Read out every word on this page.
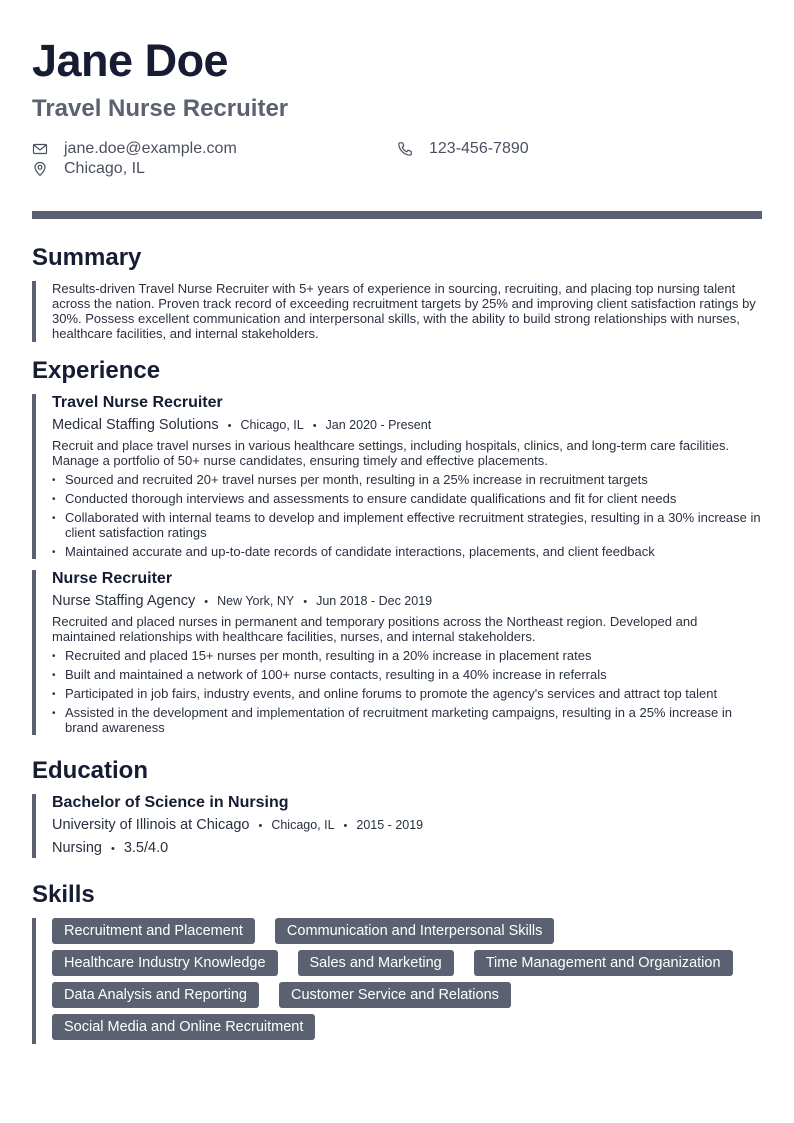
Jane Doe
Travel Nurse Recruiter
jane.doe@example.com	123-456-7890
Chicago, IL
Summary
Results-driven Travel Nurse Recruiter with 5+ years of experience in sourcing, recruiting, and placing top nursing talent across the nation. Proven track record of exceeding recruitment targets by 25% and improving client satisfaction ratings by 30%. Possess excellent communication and interpersonal skills, with the ability to build strong relationships with nurses, healthcare facilities, and internal stakeholders.
Experience
Travel Nurse Recruiter
Medical Staffing Solutions • Chicago, IL • Jan 2020 - Present
Recruit and place travel nurses in various healthcare settings, including hospitals, clinics, and long-term care facilities. Manage a portfolio of 50+ nurse candidates, ensuring timely and effective placements.
• Sourced and recruited 20+ travel nurses per month, resulting in a 25% increase in recruitment targets
• Conducted thorough interviews and assessments to ensure candidate qualifications and fit for client needs
• Collaborated with internal teams to develop and implement effective recruitment strategies, resulting in a 30% increase in client satisfaction ratings
• Maintained accurate and up-to-date records of candidate interactions, placements, and client feedback
Nurse Recruiter
Nurse Staffing Agency • New York, NY • Jun 2018 - Dec 2019
Recruited and placed nurses in permanent and temporary positions across the Northeast region. Developed and maintained relationships with healthcare facilities, nurses, and internal stakeholders.
• Recruited and placed 15+ nurses per month, resulting in a 20% increase in placement rates
• Built and maintained a network of 100+ nurse contacts, resulting in a 40% increase in referrals
• Participated in job fairs, industry events, and online forums to promote the agency's services and attract top talent
• Assisted in the development and implementation of recruitment marketing campaigns, resulting in a 25% increase in brand awareness
Education
Bachelor of Science in Nursing
University of Illinois at Chicago • Chicago, IL • 2015 - 2019
Nursing • 3.5/4.0
Skills
Recruitment and Placement	Communication and Interpersonal Skills
Healthcare Industry Knowledge	Sales and Marketing	Time Management and Organization
Data Analysis and Reporting	Customer Service and Relations
Social Media and Online Recruitment
